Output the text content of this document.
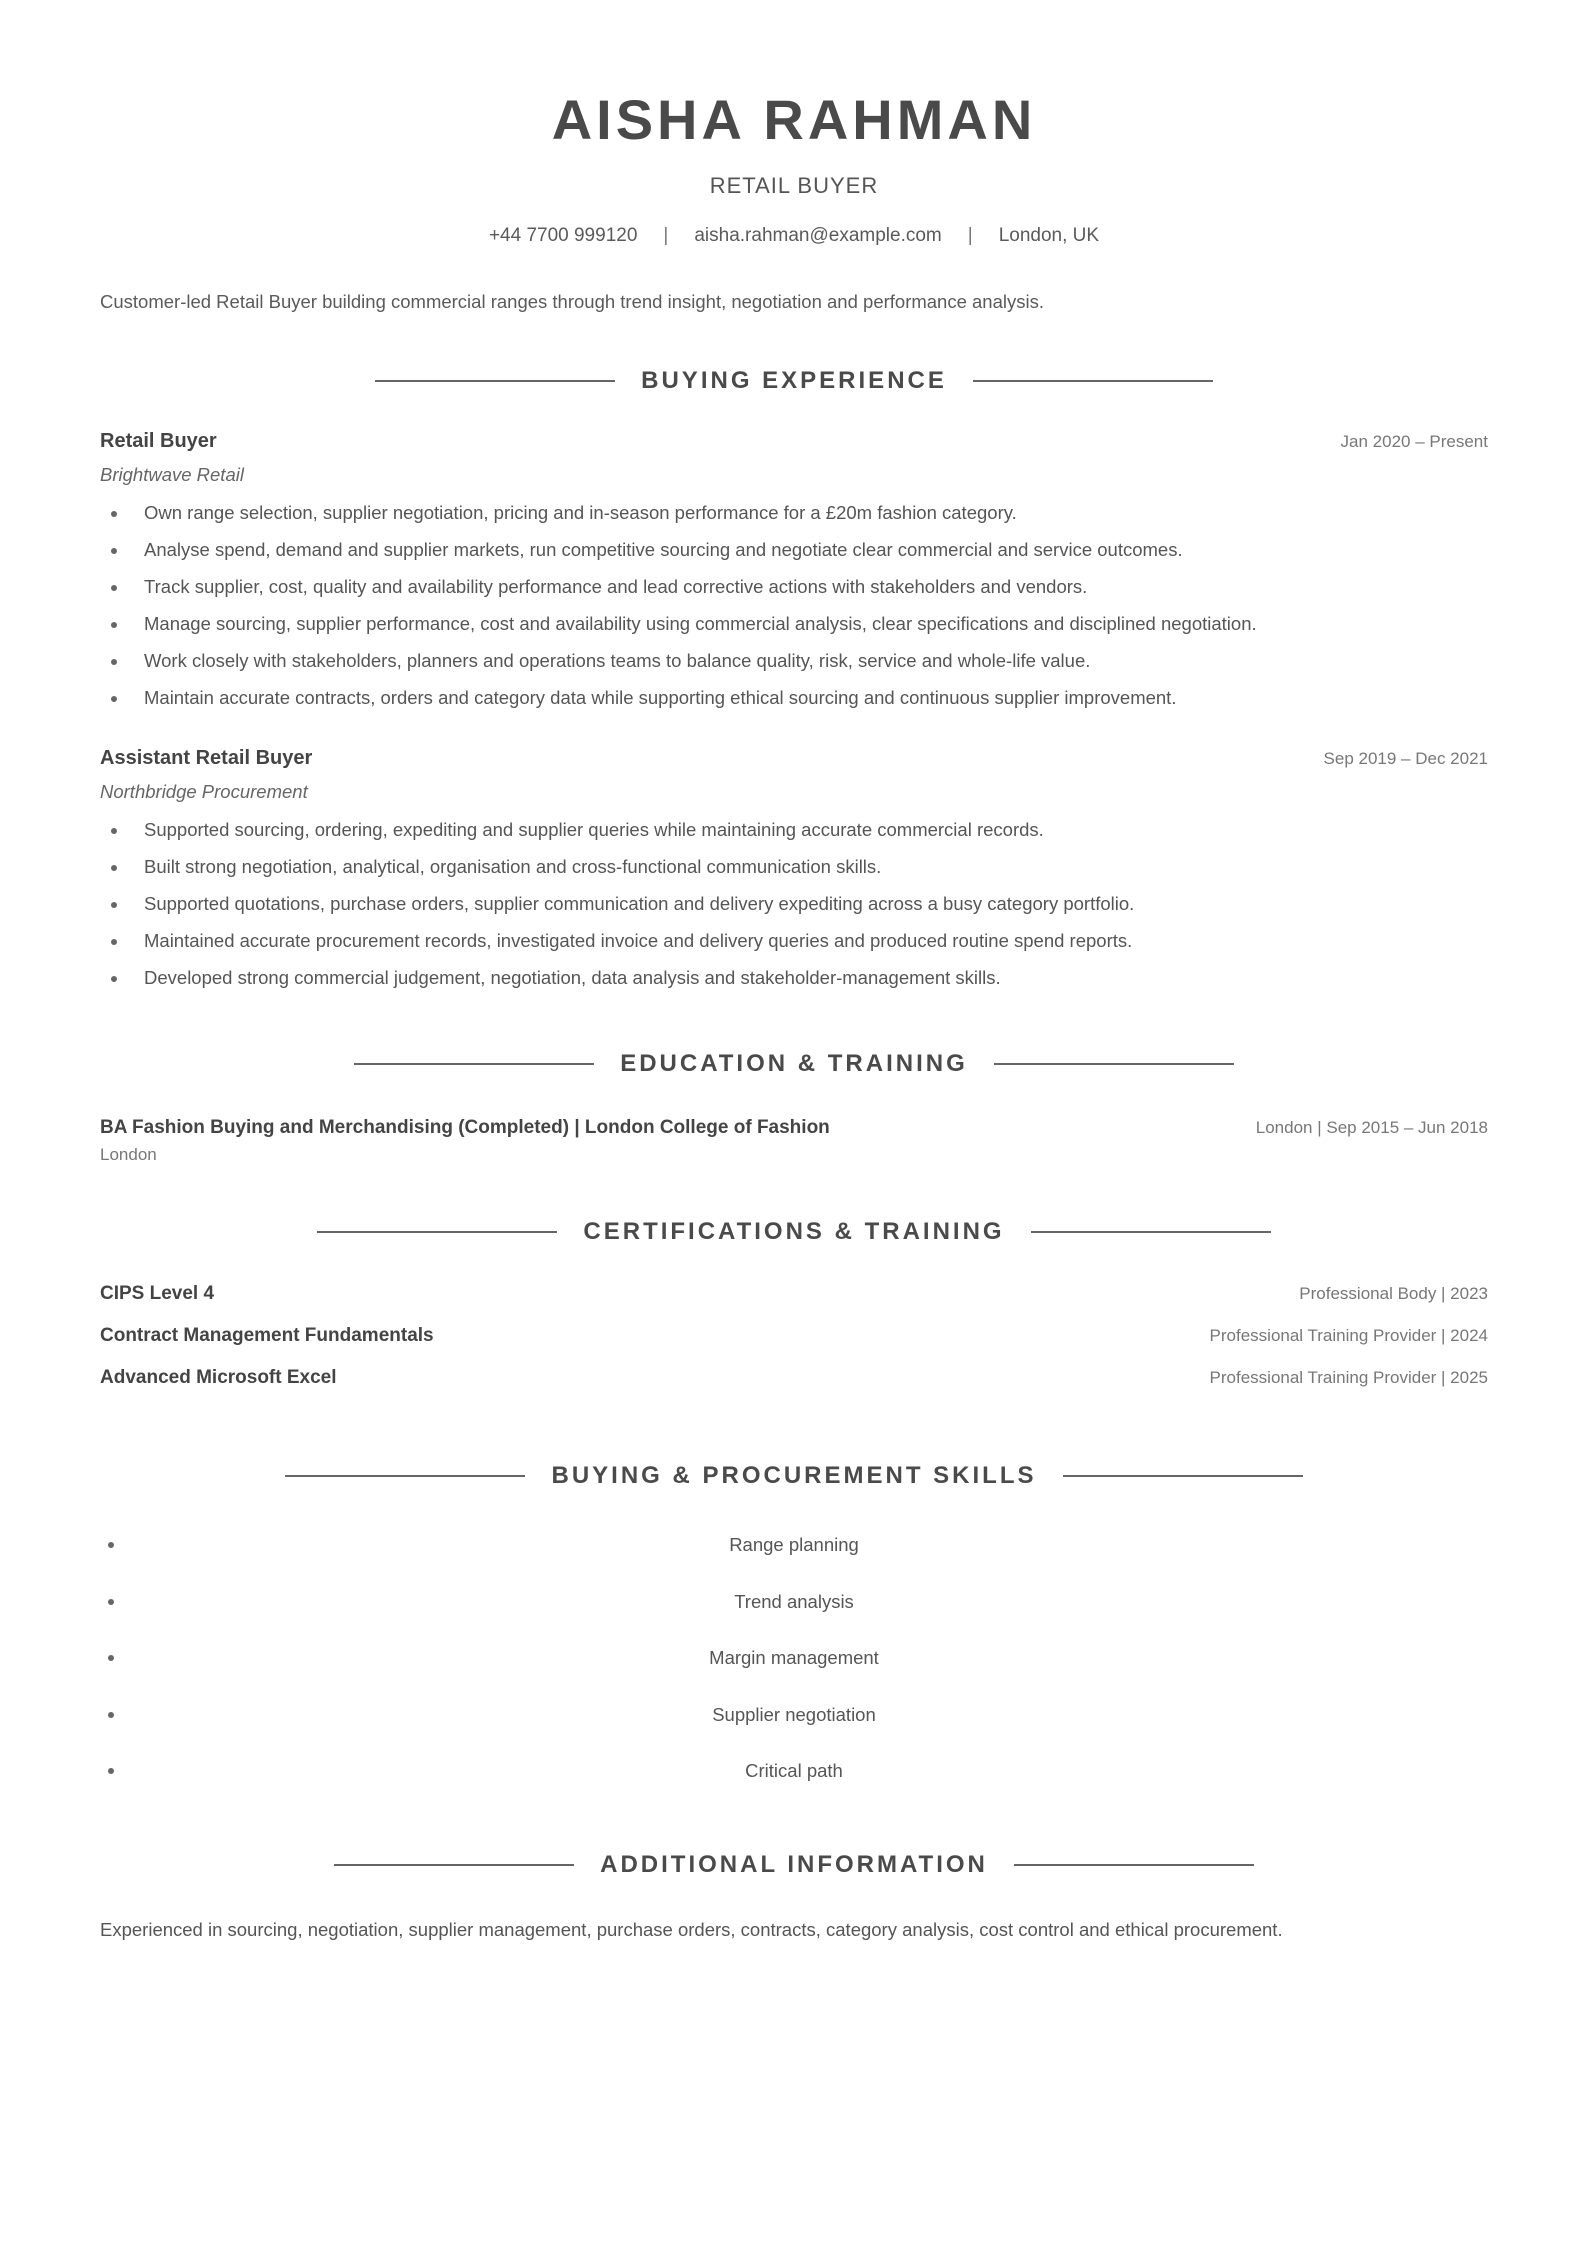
AISHA RAHMAN
RETAIL BUYER
+44 7700 999120 | aisha.rahman@example.com | London, UK
Customer-led Retail Buyer building commercial ranges through trend insight, negotiation and performance analysis.
BUYING EXPERIENCE
Retail Buyer	Jan 2020 – Present
Brightwave Retail
Own range selection, supplier negotiation, pricing and in-season performance for a £20m fashion category.
Analyse spend, demand and supplier markets, run competitive sourcing and negotiate clear commercial and service outcomes.
Track supplier, cost, quality and availability performance and lead corrective actions with stakeholders and vendors.
Manage sourcing, supplier performance, cost and availability using commercial analysis, clear specifications and disciplined negotiation.
Work closely with stakeholders, planners and operations teams to balance quality, risk, service and whole-life value.
Maintain accurate contracts, orders and category data while supporting ethical sourcing and continuous supplier improvement.
Assistant Retail Buyer	Sep 2019 – Dec 2021
Northbridge Procurement
Supported sourcing, ordering, expediting and supplier queries while maintaining accurate commercial records.
Built strong negotiation, analytical, organisation and cross-functional communication skills.
Supported quotations, purchase orders, supplier communication and delivery expediting across a busy category portfolio.
Maintained accurate procurement records, investigated invoice and delivery queries and produced routine spend reports.
Developed strong commercial judgement, negotiation, data analysis and stakeholder-management skills.
EDUCATION & TRAINING
BA Fashion Buying and Merchandising (Completed) | London College of Fashion	London | Sep 2015 – Jun 2018
London
CERTIFICATIONS & TRAINING
CIPS Level 4	Professional Body | 2023
Contract Management Fundamentals	Professional Training Provider | 2024
Advanced Microsoft Excel	Professional Training Provider | 2025
BUYING & PROCUREMENT SKILLS
Range planning
Trend analysis
Margin management
Supplier negotiation
Critical path
ADDITIONAL INFORMATION
Experienced in sourcing, negotiation, supplier management, purchase orders, contracts, category analysis, cost control and ethical procurement.
